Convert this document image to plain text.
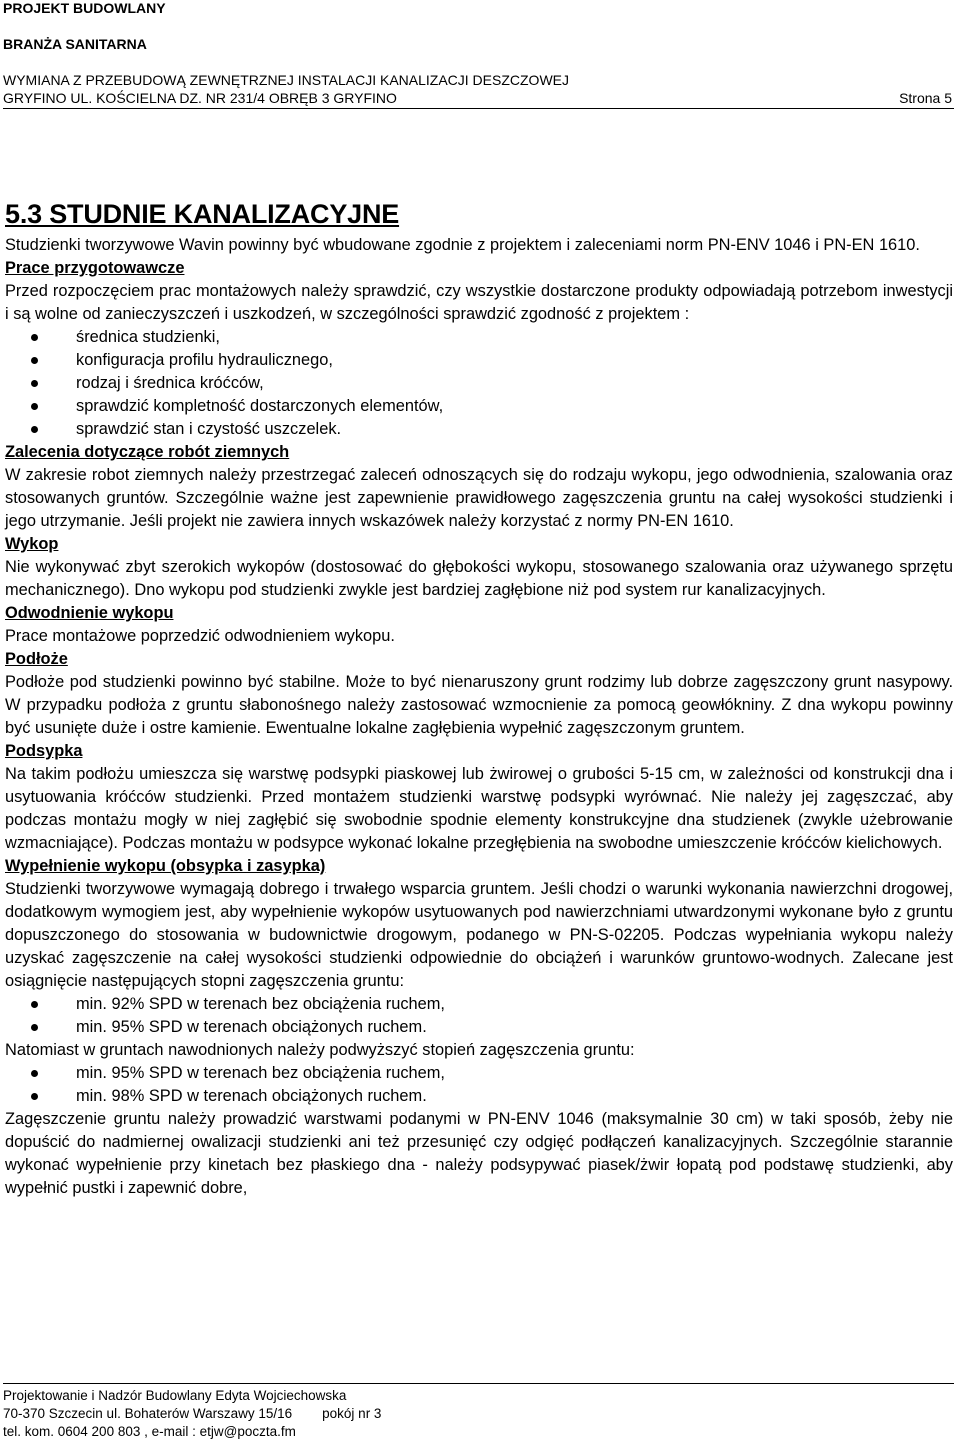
PROJEKT BUDOWLANY
BRANŻA SANITARNA
WYMIANA Z PRZEBUDOWĄ ZEWNĘTRZNEJ INSTALACJI KANALIZACJI DESZCZOWEJ
GRYFINO UL. KOŚCIELNA DZ. NR 231/4 OBRĘB 3 GRYFINO	Strona 5
5.3 STUDNIE KANALIZACYJNE

Studzienki tworzywowe Wavin powinny być wbudowane zgodnie z projektem i zaleceniami norm PN-ENV 1046 i PN-EN 1610.

Prace przygotowawcze

Przed rozpoczęciem prac montażowych należy sprawdzić, czy wszystkie dostarczone produkty odpowiadają potrzebom inwestycji i są wolne od zanieczyszczeń i uszkodzeń, w szczególności sprawdzić zgodność z projektem :

średnica studzienki,
konfiguracja profilu hydraulicznego,
rodzaj i średnica króćców,
sprawdzić kompletność dostarczonych elementów,
sprawdzić stan i czystość uszczelek.

Zalecenia dotyczące robót ziemnych

W zakresie robot ziemnych należy przestrzegać zaleceń odnoszących się do rodzaju wykopu, jego odwodnienia, szalowania oraz stosowanych gruntów. Szczególnie ważne jest zapewnienie prawidłowego zagęszczenia gruntu na całej wysokości studzienki i jego utrzymanie. Jeśli projekt nie zawiera innych wskazówek należy korzystać z normy PN-EN 1610.

Wykop

Nie wykonywać zbyt szerokich wykopów (dostosować do głębokości wykopu, stosowanego szalowania oraz używanego sprzętu mechanicznego). Dno wykopu pod studzienki zwykle jest bardziej zagłębione niż pod system rur kanalizacyjnych.

Odwodnienie wykopu

Prace montażowe poprzedzić odwodnieniem wykopu.

Podłoże

Podłoże pod studzienki powinno być stabilne. Może to być nienaruszony grunt rodzimy lub dobrze zagęszczony grunt nasypowy. W przypadku podłoża z gruntu słabonośnego należy zastosować wzmocnienie za pomocą geowłókniny. Z dna wykopu powinny być usunięte duże i ostre kamienie. Ewentualne lokalne zagłębienia wypełnić zagęszczonym gruntem.

Podsypka

Na takim podłożu umieszcza się warstwę podsypki piaskowej lub żwirowej o grubości 5-15 cm, w zależności od konstrukcji dna i usytuowania króćców studzienki. Przed montażem studzienki warstwę podsypki wyrównać. Nie należy jej zagęszczać, aby podczas montażu mogły w niej zagłębić się swobodnie spodnie elementy konstrukcyjne dna studzienek (zwykle użebrowanie wzmacniające). Podczas montażu w podsypce wykonać lokalne przegłębienia na swobodne umieszczenie króćców kielichowych.

Wypełnienie wykopu (obsypka i zasypka)

Studzienki tworzywowe wymagają dobrego i trwałego wsparcia gruntem. Jeśli chodzi o warunki wykonania nawierzchni drogowej, dodatkowym wymogiem jest, aby wypełnienie wykopów usytuowanych pod nawierzchniami utwardzonymi wykonane było z gruntu dopuszczonego do stosowania w budownictwie drogowym, podanego w PN-S-02205. Podczas wypełniania wykopu należy uzyskać zagęszczenie na całej wysokości studzienki odpowiednie do obciążeń i warunków gruntowo-wodnych. Zalecane jest osiągnięcie następujących stopni zagęszczenia gruntu:

min. 92% SPD w terenach bez obciążenia ruchem,
min. 95% SPD w terenach obciążonych ruchem.

Natomiast w gruntach nawodnionych należy podwyższyć stopień zagęszczenia gruntu:

min. 95% SPD w terenach bez obciążenia ruchem,
min. 98% SPD w terenach obciążonych ruchem.

Zagęszczenie gruntu należy prowadzić warstwami podanymi w PN-ENV 1046 (maksymalnie 30 cm) w taki sposób, żeby nie dopuścić do nadmiernej owalizacji studzienki ani też przesunięć czy odgięć podłączeń kanalizacyjnych. Szczególnie starannie wykonać wypełnienie przy kinetach bez płaskiego dna - należy podsypywać piasek/żwir łopatą pod podstawę studzienki, aby wypełnić pustki i zapewnić dobre,

Projektowanie i Nadzór Budowlany Edyta Wojciechowska
70-370 Szczecin ul. Bohaterów Warszawy 15/16 pokój nr 3
tel. kom. 0604 200 803 , e-mail : etjw@poczta.fm
